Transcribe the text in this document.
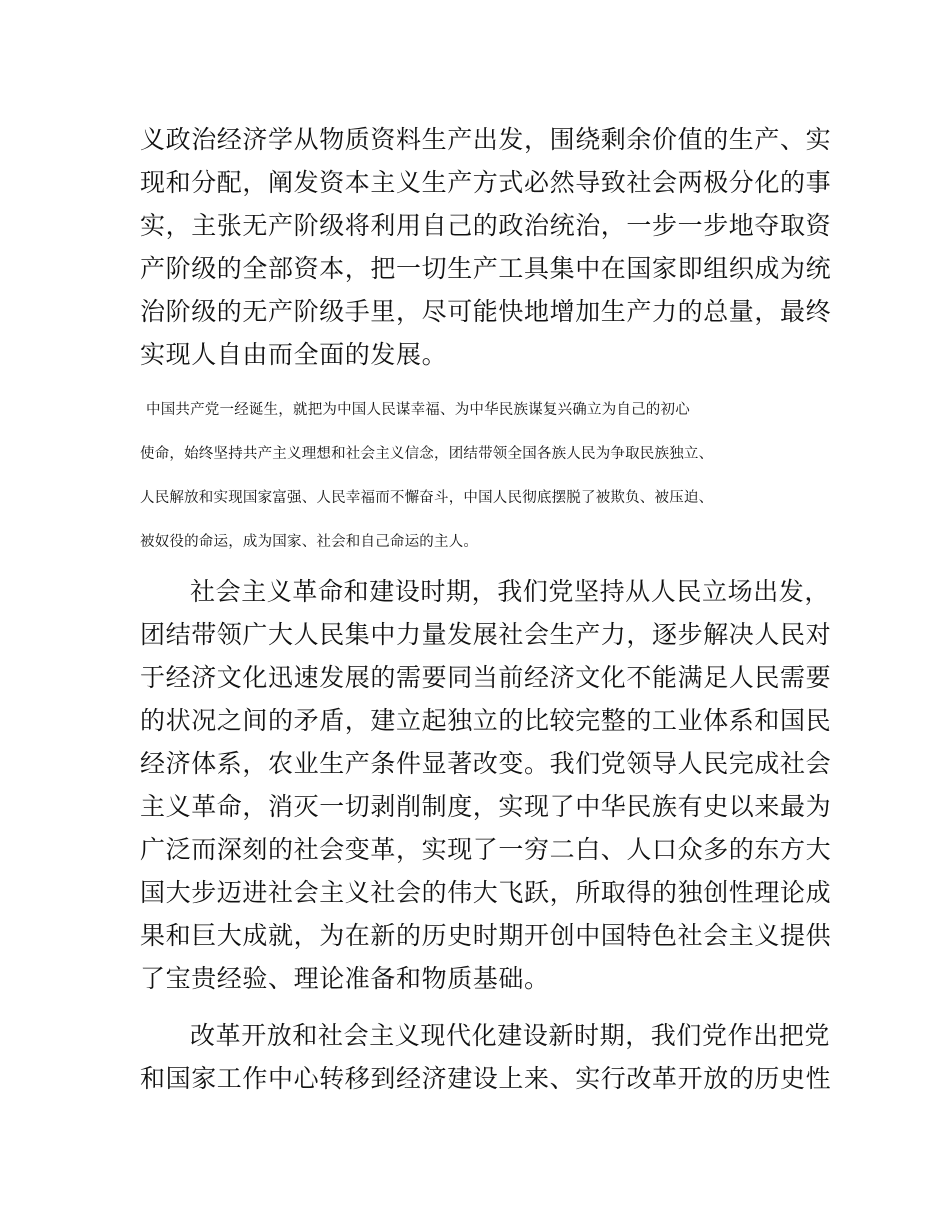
义政治经济学从物质资料生产出发，围绕剩余价值的生产、实
现和分配，阐发资本主义生产方式必然导致社会两极分化的事
实，主张无产阶级将利用自己的政治统治，一步一步地夺取资
产阶级的全部资本，把一切生产工具集中在国家即组织成为统
治阶级的无产阶级手里，尽可能快地增加生产力的总量，最终
实现人自由而全面的发展。
中国共产党一经诞生，就把为中国人民谋幸福、为中华民族谋复兴确立为自己的初心
使命，始终坚持共产主义理想和社会主义信念，团结带领全国各族人民为争取民族独立、
人民解放和实现国家富强、人民幸福而不懈奋斗，中国人民彻底摆脱了被欺负、被压迫、
被奴役的命运，成为国家、社会和自己命运的主人。
社会主义革命和建设时期，我们党坚持从人民立场出发，
团结带领广大人民集中力量发展社会生产力，逐步解决人民对
于经济文化迅速发展的需要同当前经济文化不能满足人民需要
的状况之间的矛盾，建立起独立的比较完整的工业体系和国民
经济体系，农业生产条件显著改变。我们党领导人民完成社会
主义革命，消灭一切剥削制度，实现了中华民族有史以来最为
广泛而深刻的社会变革，实现了一穷二白、人口众多的东方大
国大步迈进社会主义社会的伟大飞跃，所取得的独创性理论成
果和巨大成就，为在新的历史时期开创中国特色社会主义提供
了宝贵经验、理论准备和物质基础。
改革开放和社会主义现代化建设新时期，我们党作出把党
和国家工作中心转移到经济建设上来、实行改革开放的历史性
